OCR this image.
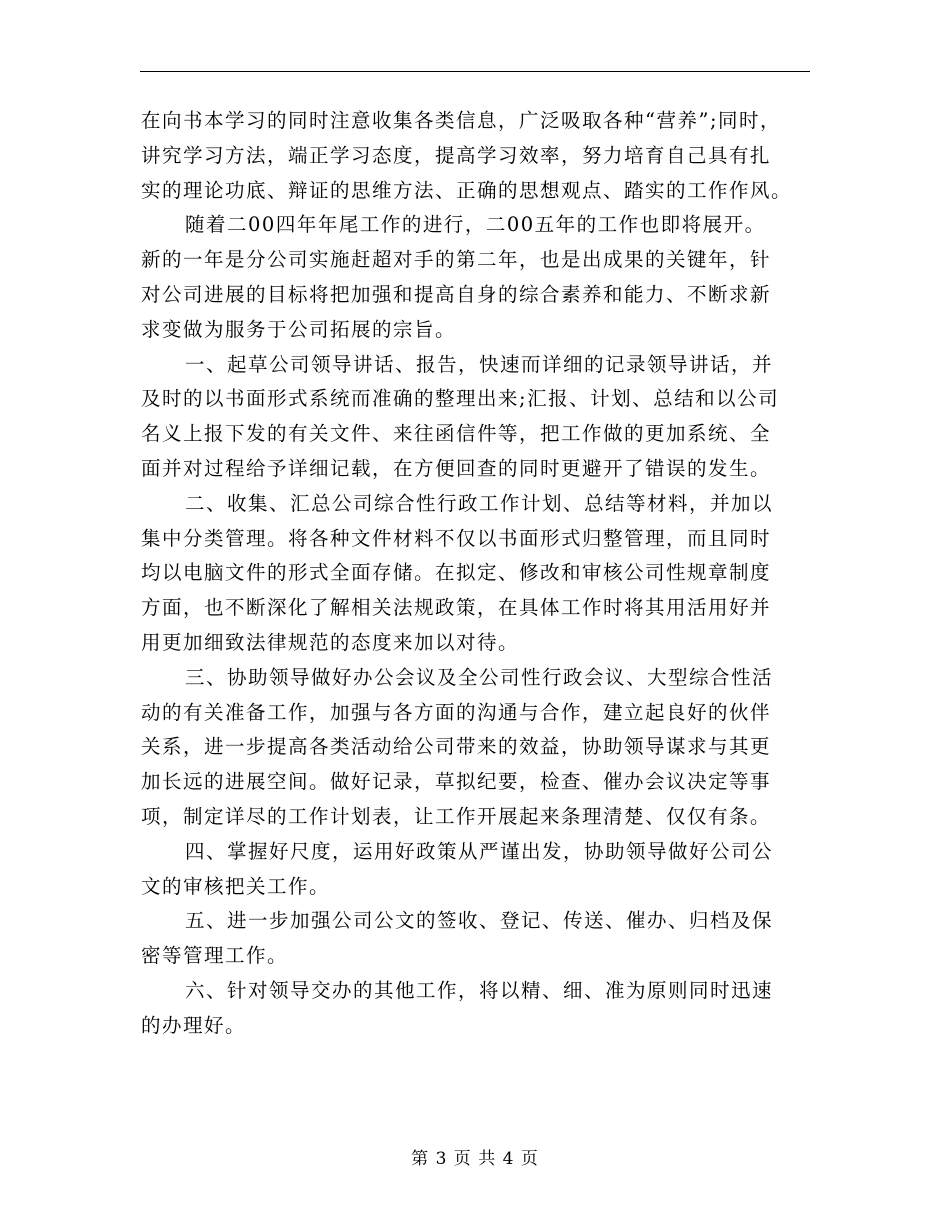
在向书本学习的同时注意收集各类信息，广泛吸取各种“营养”;同时，
讲究学习方法，端正学习态度，提高学习效率，努力培育自己具有扎
实的理论功底、辩证的思维方法、正确的思想观点、踏实的工作作风。
随着二00四年年尾工作的进行，二00五年的工作也即将展开。
新的一年是分公司实施赶超对手的第二年，也是出成果的关键年，针
对公司进展的目标将把加强和提高自身的综合素养和能力、不断求新
求变做为服务于公司拓展的宗旨。
一、起草公司领导讲话、报告，快速而详细的记录领导讲话，并
及时的以书面形式系统而准确的整理出来;汇报、计划、总结和以公司
名义上报下发的有关文件、来往函信件等，把工作做的更加系统、全
面并对过程给予详细记载，在方便回查的同时更避开了错误的发生。
二、收集、汇总公司综合性行政工作计划、总结等材料，并加以
集中分类管理。将各种文件材料不仅以书面形式归整管理，而且同时
均以电脑文件的形式全面存储。在拟定、修改和审核公司性规章制度
方面，也不断深化了解相关法规政策，在具体工作时将其用活用好并
用更加细致法律规范的态度来加以对待。
三、协助领导做好办公会议及全公司性行政会议、大型综合性活
动的有关准备工作，加强与各方面的沟通与合作，建立起良好的伙伴
关系，进一步提高各类活动给公司带来的效益，协助领导谋求与其更
加长远的进展空间。做好记录，草拟纪要，检查、催办会议决定等事
项，制定详尽的工作计划表，让工作开展起来条理清楚、仅仅有条。
四、掌握好尺度，运用好政策从严谨出发，协助领导做好公司公
文的审核把关工作。
五、进一步加强公司公文的签收、登记、传送、催办、归档及保
密等管理工作。
六、针对领导交办的其他工作，将以精、细、准为原则同时迅速
的办理好。
第 3 页 共 4 页
